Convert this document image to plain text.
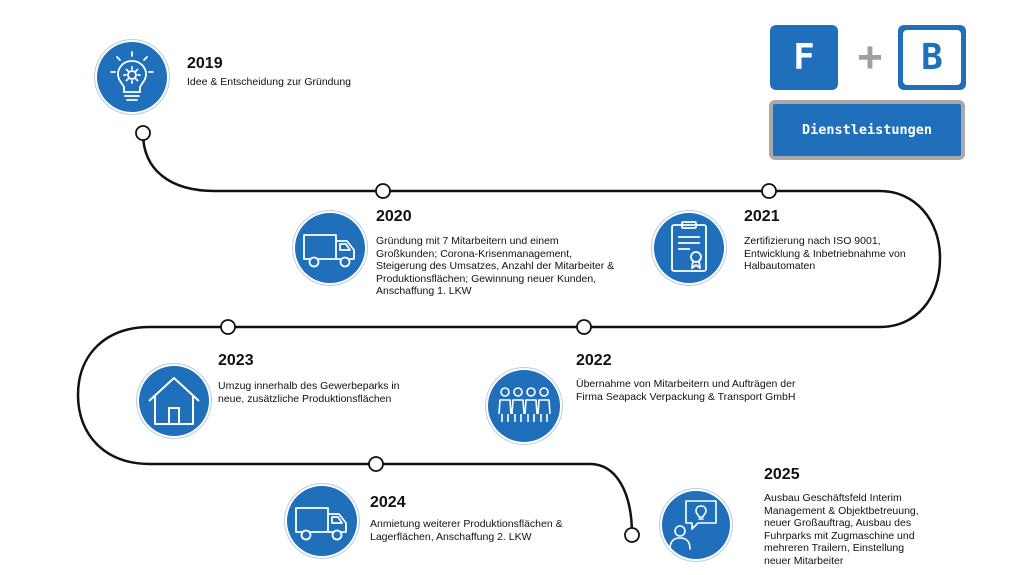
F + B
Dienstleistungen
2019
Idee & Entscheidung zur Gründung
2020
Gründung mit 7 Mitarbeitern und einem
Großkunden; Corona-Krisenmanagement,
Steigerung des Umsatzes, Anzahl der Mitarbeiter &
Produktionsflächen; Gewinnung neuer Kunden,
Anschaffung 1. LKW
2021
Zertifizierung nach ISO 9001,
Entwicklung & Inbetriebnahme von
Halbautomaten
2022
Übernahme von Mitarbeitern und Aufträgen der
Firma Seapack Verpackung & Transport GmbH
2023
Umzug innerhalb des Gewerbeparks in
neue, zusätzliche Produktionsflächen
2024
Anmietung weiterer Produktionsflächen &
Lagerflächen, Anschaffung 2. LKW
2025
Ausbau Geschäftsfeld Interim
Management & Objektbetreuung,
neuer Großauftrag, Ausbau des
Fuhrparks mit Zugmaschine und
mehreren Trailern, Einstellung
neuer Mitarbeiter
